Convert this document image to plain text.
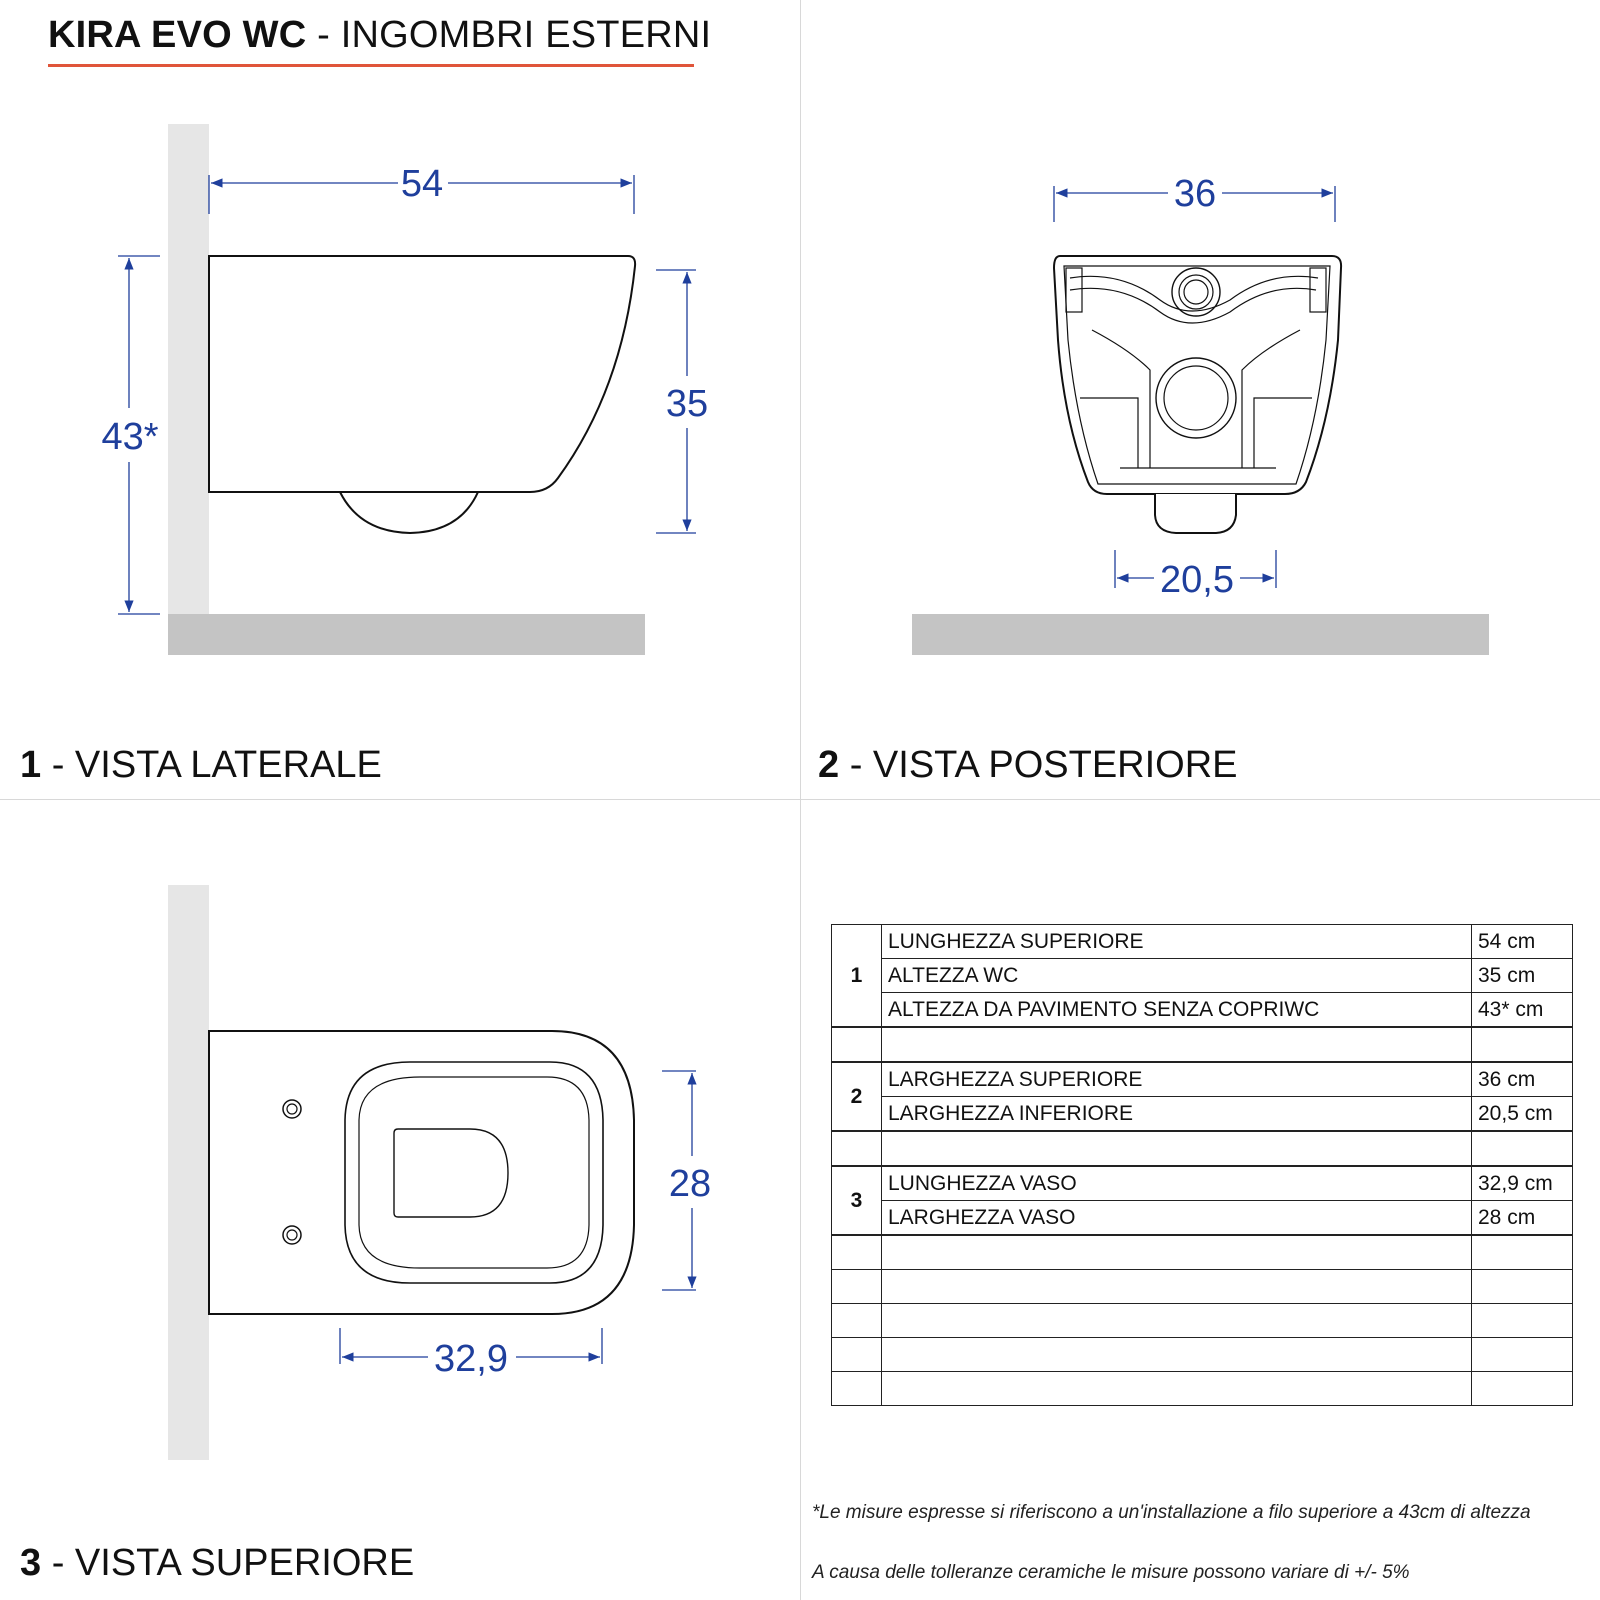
KIRA EVO WC - INGOMBRI ESTERNI
54
43*
35
36
20,5
28
32,9
1 - VISTA LATERALE	2 - VISTA POSTERIORE
3 - VISTA SUPERIORE
1	LUNGHEZZA SUPERIORE	54 cm
	ALTEZZA WC	35 cm
	ALTEZZA DA PAVIMENTO SENZA COPRIWC	43* cm

2	LARGHEZZA SUPERIORE	36 cm
	LARGHEZZA INFERIORE	20,5 cm

3	LUNGHEZZA VASO	32,9 cm
	LARGHEZZA VASO	28 cm

*Le misure espresse si riferiscono a un'installazione a filo superiore a 43cm di altezza
A causa delle tolleranze ceramiche le misure possono variare di +/- 5%
